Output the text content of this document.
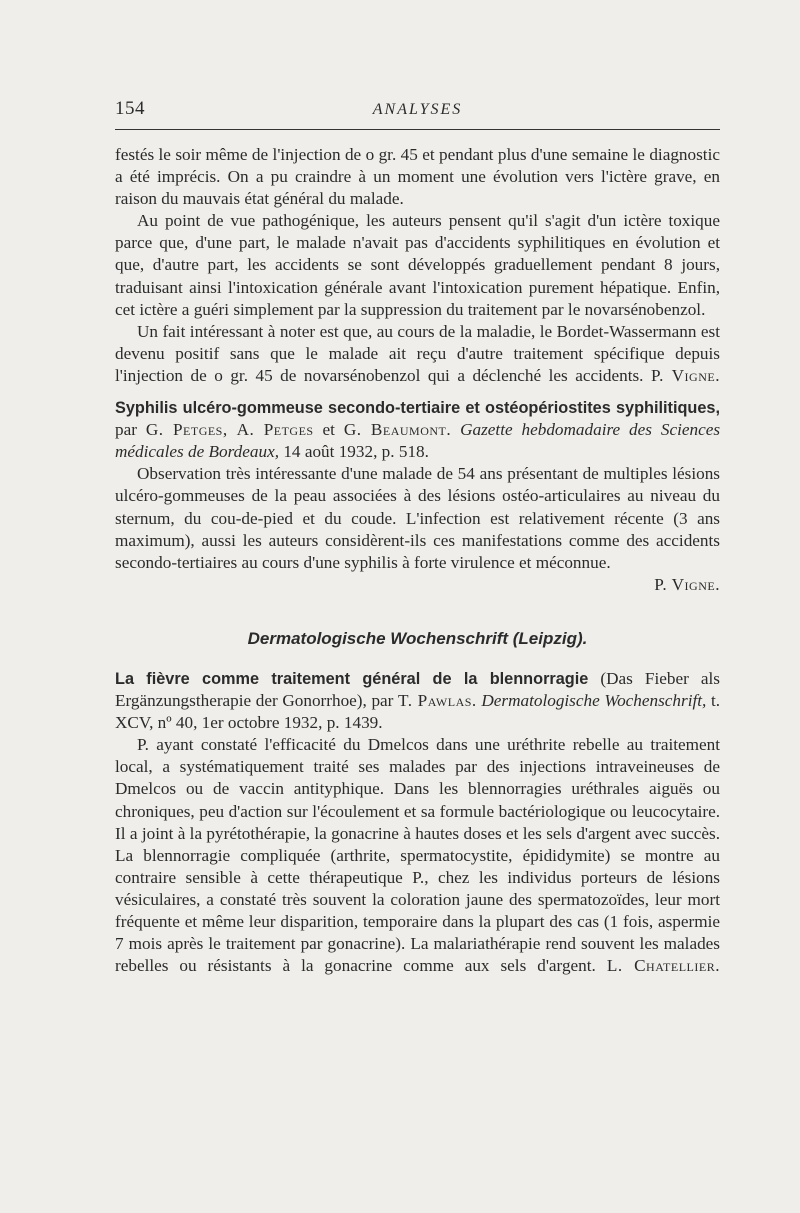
154	ANALYSES

festés le soir même de l'injection de o gr. 45 et pendant plus d'une semaine le diagnostic a été imprécis. On a pu craindre à un moment une évolution vers l'ictère grave, en raison du mauvais état général du malade.

Au point de vue pathogénique, les auteurs pensent qu'il s'agit d'un ictère toxique parce que, d'une part, le malade n'avait pas d'accidents syphilitiques en évolution et que, d'autre part, les accidents se sont développés graduellement pendant 8 jours, traduisant ainsi l'intoxication générale avant l'intoxication purement hépatique. Enfin, cet ictère a guéri simplement par la suppression du traitement par le novarsénobenzol.

Un fait intéressant à noter est que, au cours de la maladie, le Bordet-Wassermann est devenu positif sans que le malade ait reçu d'autre traitement spécifique depuis l'injection de o gr. 45 de novarsénobenzol qui a déclenché les accidents. P. Vigne.

Syphilis ulcéro-gommeuse secondo-tertiaire et ostéopériostites syphilitiques, par G. Petges, A. Petges et G. Beaumont. Gazette hebdomadaire des Sciences médicales de Bordeaux, 14 août 1932, p. 518.

Observation très intéressante d'une malade de 54 ans présentant de multiples lésions ulcéro-gommeuses de la peau associées à des lésions ostéo-articulaires au niveau du sternum, du cou-de-pied et du coude. L'infection est relativement récente (3 ans maximum), aussi les auteurs considèrent-ils ces manifestations comme des accidents secondo-tertiaires au cours d'une syphilis à forte virulence et méconnue.

P. Vigne.

Dermatologische Wochenschrift (Leipzig).

La fièvre comme traitement général de la blennorragie (Das Fieber als Ergänzungstherapie der Gonorrhoe), par T. Pawlas. Dermatologische Wochenschrift, t. XCV, nº 40, 1er octobre 1932, p. 1439.

P. ayant constaté l'efficacité du Dmelcos dans une uréthrite rebelle au traitement local, a systématiquement traité ses malades par des injections intraveineuses de Dmelcos ou de vaccin antityphique. Dans les blennorragies uréthrales aiguës ou chroniques, peu d'action sur l'écoulement et sa formule bactériologique ou leucocytaire. Il a joint à la pyrétothérapie, la gonacrine à hautes doses et les sels d'argent avec succès. La blennorragie compliquée (arthrite, spermatocystite, épididymite) se montre au contraire sensible à cette thérapeutique P., chez les individus porteurs de lésions vésiculaires, a constaté très souvent la coloration jaune des spermatozoïdes, leur mort fréquente et même leur disparition, temporaire dans la plupart des cas (1 fois, aspermie 7 mois après le traitement par gonacrine). La malariathérapie rend souvent les malades rebelles ou résistants à la gonacrine comme aux sels d'argent. L. Chatellier.
